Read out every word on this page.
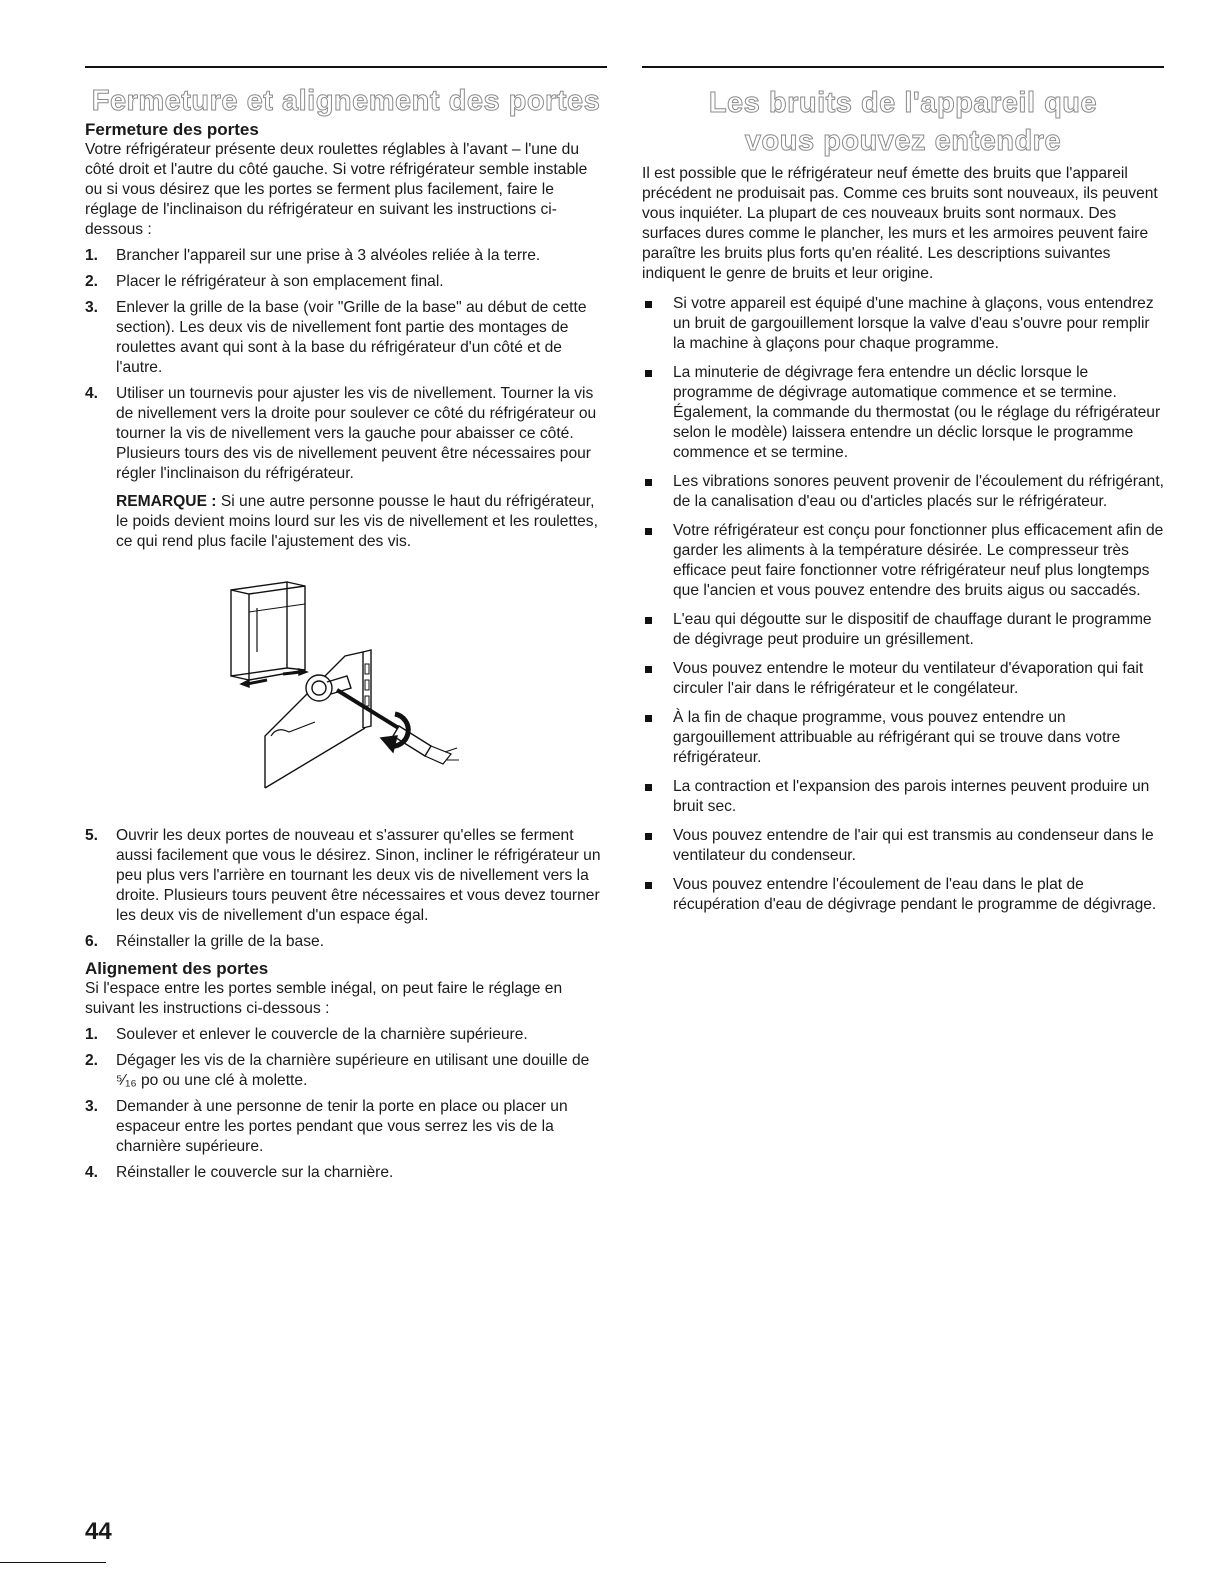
Fermeture et alignement des portes
Fermeture des portes

Votre réfrigérateur présente deux roulettes réglables à l'avant – l'une du côté droit et l'autre du côté gauche. Si votre réfrigérateur semble instable ou si vous désirez que les portes se ferment plus facilement, faire le réglage de l'inclinaison du réfrigérateur en suivant les instructions ci-dessous :

1. Brancher l'appareil sur une prise à 3 alvéoles reliée à la terre.
2. Placer le réfrigérateur à son emplacement final.
3. Enlever la grille de la base (voir "Grille de la base" au début de cette section). Les deux vis de nivellement font partie des montages de roulettes avant qui sont à la base du réfrigérateur d'un côté et de l'autre.
4. Utiliser un tournevis pour ajuster les vis de nivellement. Tourner la vis de nivellement vers la droite pour soulever ce côté du réfrigérateur ou tourner la vis de nivellement vers la gauche pour abaisser ce côté. Plusieurs tours des vis de nivellement peuvent être nécessaires pour régler l'inclinaison du réfrigérateur.

REMARQUE : Si une autre personne pousse le haut du réfrigérateur, le poids devient moins lourd sur les vis de nivellement et les roulettes, ce qui rend plus facile l'ajustement des vis.

5. Ouvrir les deux portes de nouveau et s'assurer qu'elles se ferment aussi facilement que vous le désirez. Sinon, incliner le réfrigérateur un peu plus vers l'arrière en tournant les deux vis de nivellement vers la droite. Plusieurs tours peuvent être nécessaires et vous devez tourner les deux vis de nivellement d'un espace égal.
6. Réinstaller la grille de la base.
Alignement des portes

Si l'espace entre les portes semble inégal, on peut faire le réglage en suivant les instructions ci-dessous :

1. Soulever et enlever le couvercle de la charnière supérieure.
2. Dégager les vis de la charnière supérieure en utilisant une douille de ⁵⁄₁₆ po ou une clé à molette.
3. Demander à une personne de tenir la porte en place ou placer un espaceur entre les portes pendant que vous serrez les vis de la charnière supérieure.
4. Réinstaller le couvercle sur la charnière.
Les bruits de l'appareil que vous pouvez entendre

Il est possible que le réfrigérateur neuf émette des bruits que l'appareil précédent ne produisait pas. Comme ces bruits sont nouveaux, ils peuvent vous inquiéter. La plupart de ces nouveaux bruits sont normaux. Des surfaces dures comme le plancher, les murs et les armoires peuvent faire paraître les bruits plus forts qu'en réalité. Les descriptions suivantes indiquent le genre de bruits et leur origine.

Si votre appareil est équipé d'une machine à glaçons, vous entendrez un bruit de gargouillement lorsque la valve d'eau s'ouvre pour remplir la machine à glaçons pour chaque programme.
La minuterie de dégivrage fera entendre un déclic lorsque le programme de dégivrage automatique commence et se termine. Également, la commande du thermostat (ou le réglage du réfrigérateur selon le modèle) laissera entendre un déclic lorsque le programme commence et se termine.
Les vibrations sonores peuvent provenir de l'écoulement du réfrigérant, de la canalisation d'eau ou d'articles placés sur le réfrigérateur.
Votre réfrigérateur est conçu pour fonctionner plus efficacement afin de garder les aliments à la température désirée. Le compresseur très efficace peut faire fonctionner votre réfrigérateur neuf plus longtemps que l'ancien et vous pouvez entendre des bruits aigus ou saccadés.
L'eau qui dégoutte sur le dispositif de chauffage durant le programme de dégivrage peut produire un grésillement.
Vous pouvez entendre le moteur du ventilateur d'évaporation qui fait circuler l'air dans le réfrigérateur et le congélateur.
À la fin de chaque programme, vous pouvez entendre un gargouillement attribuable au réfrigérant qui se trouve dans votre réfrigérateur.
La contraction et l'expansion des parois internes peuvent produire un bruit sec.
Vous pouvez entendre de l'air qui est transmis au condenseur dans le ventilateur du condenseur.
Vous pouvez entendre l'écoulement de l'eau dans le plat de récupération d'eau de dégivrage pendant le programme de dégivrage.
44
